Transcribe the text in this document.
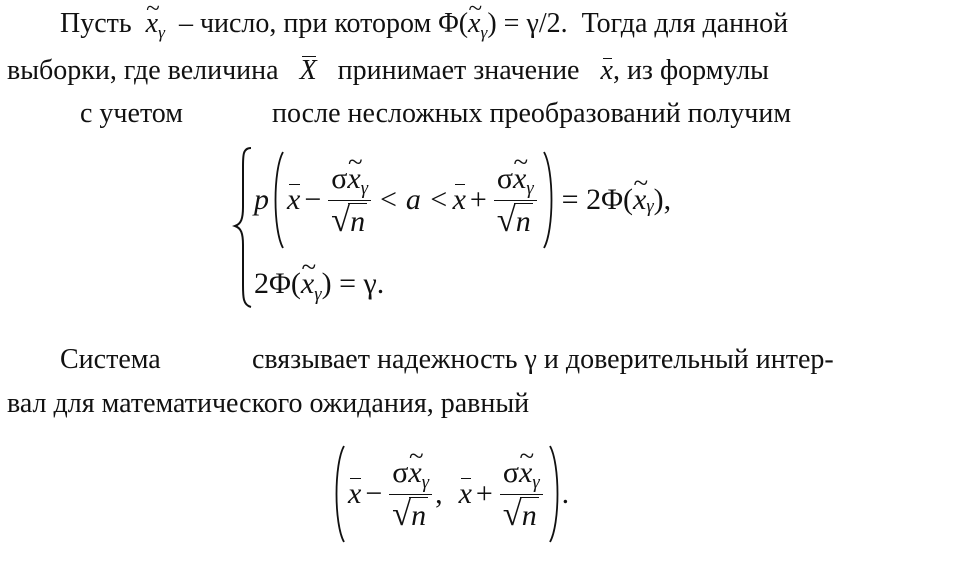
Пусть ~ $x_\gamma$ – число, при котором Φ(~ $x_\gamma) = \gamma/2$. Тогда для данной
выборки, где величина X принимает значение x, из формулы
с учетом	после несложных преобразований получим
p x − σ~ $x_\gamma$
√ n < a < x + σ~ $x_\gamma$
√ n = 2Φ( ~ x γ ),
2Φ(~ $x_\gamma) = \gamma$.
Система	связывает надежность γ и доверительный интер-
вал для математического ожидания, равный
x − σ~ $x_\gamma$
√ n , x + σ~ $x_\gamma$
√ n .
